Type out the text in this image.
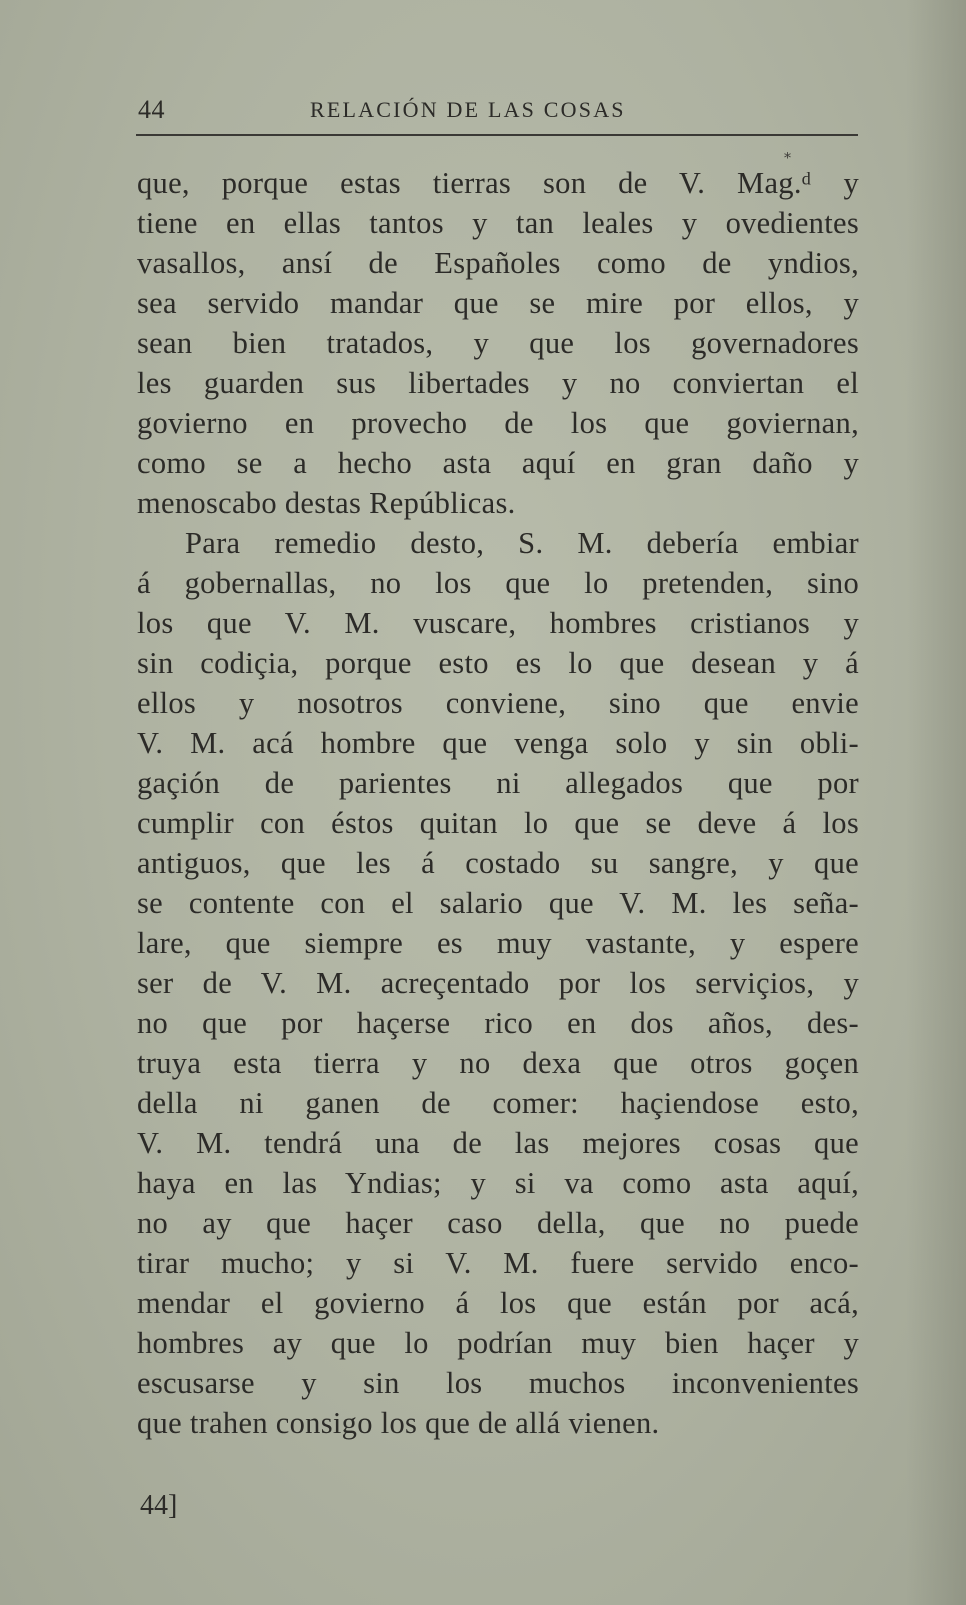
44	RELACIÓN DE LAS COSAS
⁎
que, porque estas tierras son de V. Mag.ᵈ y
tiene en ellas tantos y tan leales y ovedientes
vasallos, ansí de Españoles como de yndios,
sea servido mandar que se mire por ellos, y
sean bien tratados, y que los governadores
les guarden sus libertades y no conviertan el
govierno en provecho de los que goviernan,
como se a hecho asta aquí en gran daño y
menoscabo destas Repúblicas.
Para remedio desto, S. M. debería embiar
á gobernallas, no los que lo pretenden, sino
los que V. M. vuscare, hombres cristianos y
sin codiçia, porque esto es lo que desean y á
ellos y nosotros conviene, sino que envie
V. M. acá hombre que venga solo y sin obli-
gaçión de parientes ni allegados que por
cumplir con éstos quitan lo que se deve á los
antiguos, que les á costado su sangre, y que
se contente con el salario que V. M. les seña-
lare, que siempre es muy vastante, y espere
ser de V. M. acreçentado por los serviçios, y
no que por haçerse rico en dos años, des-
truya esta tierra y no dexa que otros goçen
della ni ganen de comer: haçiendose esto,
V. M. tendrá una de las mejores cosas que
haya en las Yndias; y si va como asta aquí,
no ay que haçer caso della, que no puede
tirar mucho; y si V. M. fuere servido enco-
mendar el govierno á los que están por acá,
hombres ay que lo podrían muy bien haçer y
escusarse y sin los muchos inconvenientes
que trahen consigo los que de allá vienen.
44]
